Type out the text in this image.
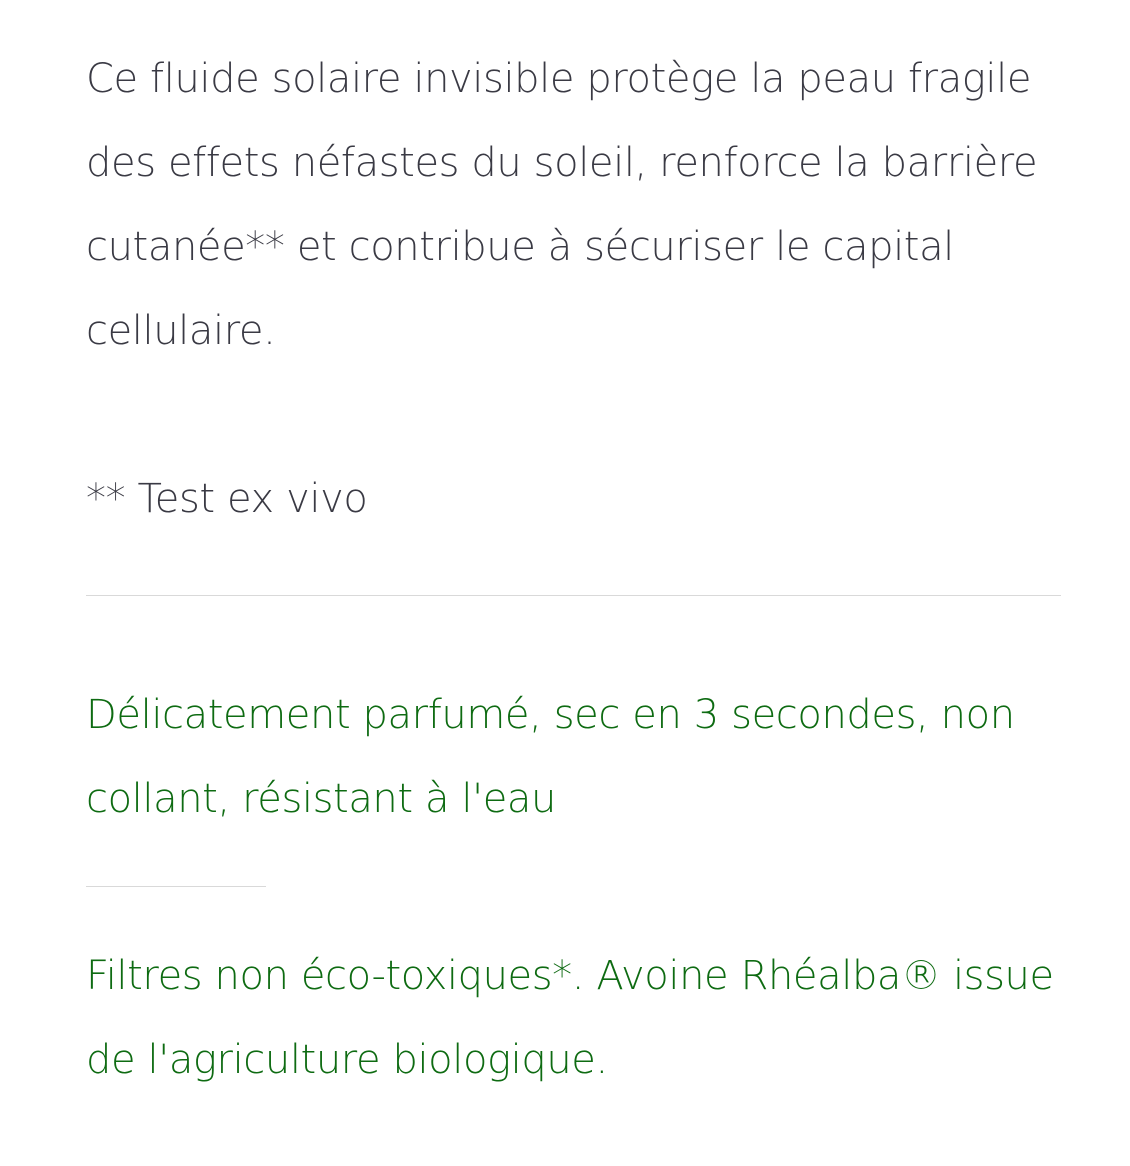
Ce fluide solaire invisible protège la peau fragile des effets néfastes du soleil, renforce la barrière cutanée** et contribue à sécuriser le capital cellulaire.

** Test ex vivo

Délicatement parfumé, sec en 3 secondes, non collant, résistant à l'eau

Filtres non éco-toxiques*. Avoine Rhéalba® issue de l'agriculture biologique.
